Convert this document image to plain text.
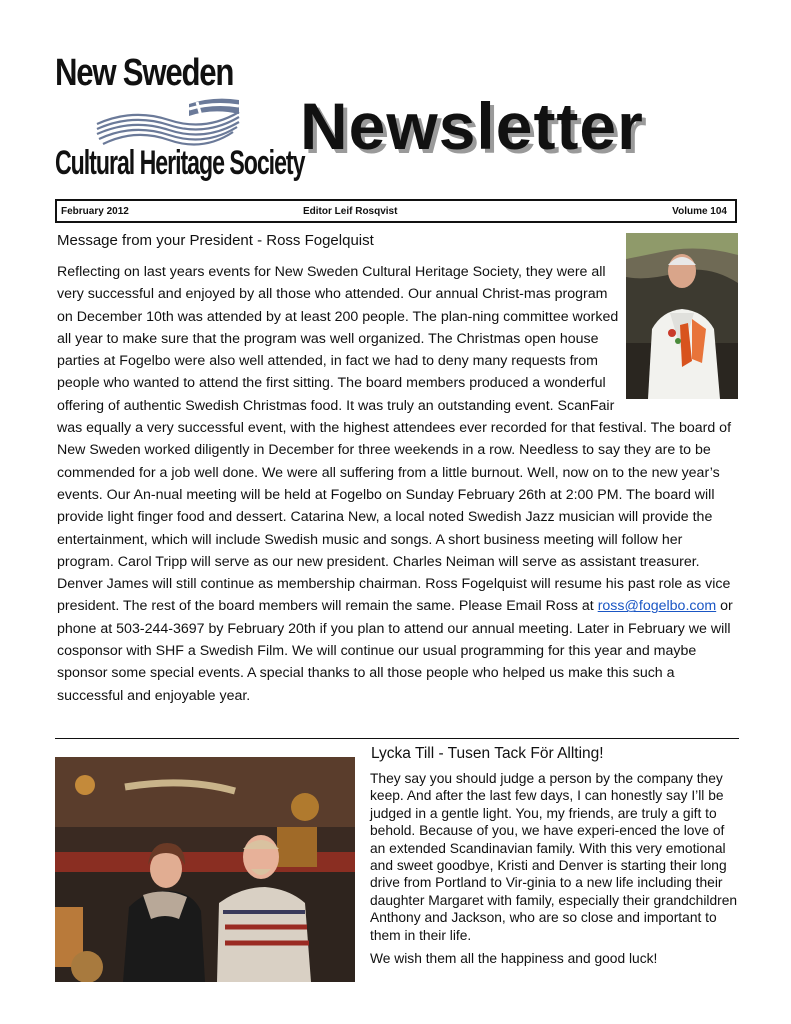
New Sweden
Cultural Heritage Society
Newsletter
February 2012	Editor Leif Rosqvist	Volume 104
Message from your President - Ross Fogelquist

Reflecting on last years events for New Sweden Cultural Heritage Society, they were all very successful and enjoyed by all those who attended. Our annual Christ-mas program on December 10th was attended by at least 200 people. The plan-ning committee worked all year to make sure that the program was well organized. The Christmas open house parties at Fogelbo were also well attended, in fact we had to deny many requests from people who wanted to attend the first sitting. The board members produced a wonderful offering of authentic Swedish Christmas food. It was truly an outstanding event. ScanFair was equally a very successful event, with the highest attendees ever recorded for that festival. The board of New Sweden worked diligently in December for three weekends in a row. Needless to say they are to be commended for a job well done. We were all suffering from a little burnout. Well, now on to the new year’s events. Our An-nual meeting will be held at Fogelbo on Sunday February 26th at 2:00 PM. The board will provide light finger food and dessert. Catarina New, a local noted Swedish Jazz musician will provide the entertainment, which will include Swedish music and songs. A short business meeting will follow her program. Carol Tripp will serve as our new president. Charles Neiman will serve as assistant treasurer. Denver James will still continue as membership chairman. Ross Fogelquist will resume his past role as vice president. The rest of the board members will remain the same. Please Email Ross at ross@fogelbo.com or phone at 503-244-3697 by February 20th if you plan to attend our annual meeting. Later in February we will cosponsor with SHF a Swedish Film. We will continue our usual programming for this year and maybe sponsor some special events. A special thanks to all those people who helped us make this such a successful and enjoyable year.

Lycka Till - Tusen Tack För Allting!

They say you should judge a person by the company they keep. And after the last few days, I can honestly say I’ll be judged in a gentle light. You, my friends, are truly a gift to behold. Because of you, we have experi-enced the love of an extended Scandinavian family. With this very emotional and sweet goodbye, Kristi and Denver is starting their long drive from Portland to Vir-ginia to a new life including their daughter Margaret with family, especially their grandchildren Anthony and Jackson, who are so close and important to them in their life.

We wish them all the happiness and good luck!
